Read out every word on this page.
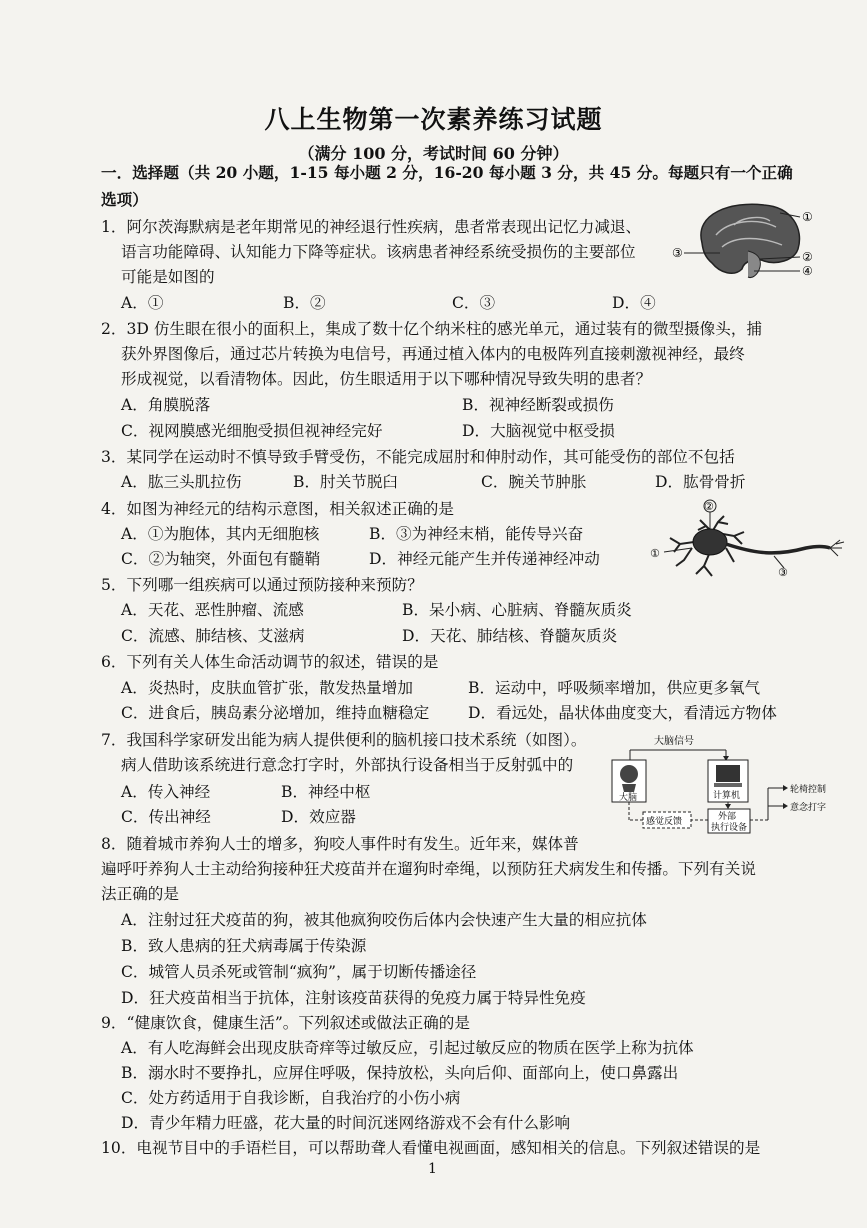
八上生物第一次素养练习试题
（满分 100 分，考试时间 60 分钟）
一．选择题（共 20 小题，1-15 每小题 2 分，16-20 每小题 3 分，共 45 分。每题只有一个正确
选项）
1．阿尔茨海默病是老年期常见的神经退行性疾病，患者常表现出记忆力减退、
语言功能障碍、认知能力下降等症状。该病患者神经系统受损伤的主要部位
可能是如图的
A．①	B．②	C．③	D．④
①
②
③
④
2．3D 仿生眼在很小的面积上，集成了数十亿个纳米柱的感光单元，通过装有的微型摄像头，捕
获外界图像后，通过芯片转换为电信号，再通过植入体内的电极阵列直接刺激视神经，最终
形成视觉，以看清物体。因此，仿生眼适用于以下哪种情况导致失明的患者？
A．角膜脱落	B．视神经断裂或损伤
C．视网膜感光细胞受损但视神经完好	D．大脑视觉中枢受损
3．某同学在运动时不慎导致手臂受伤，不能完成屈肘和伸肘动作，其可能受伤的部位不包括
A．肱三头肌拉伤	B．肘关节脱臼	C．腕关节肿胀	D．肱骨骨折
4．如图为神经元的结构示意图，相关叙述正确的是
A．①为胞体，其内无细胞核	B．③为神经末梢，能传导兴奋
C．②为轴突，外面包有髓鞘	D．神经元能产生并传递神经冲动
②
①
③
5．下列哪一组疾病可以通过预防接种来预防？
A．天花、恶性肿瘤、流感	B．呆小病、心脏病、脊髓灰质炎
C．流感、肺结核、艾滋病	D．天花、肺结核、脊髓灰质炎
6．下列有关人体生命活动调节的叙述，错误的是
A．炎热时，皮肤血管扩张，散发热量增加	B．运动中，呼吸频率增加，供应更多氧气
C．进食后，胰岛素分泌增加，维持血糖稳定 D．看远处，晶状体曲度变大，看清远方物体
7．我国科学家研发出能为病人提供便利的脑机接口技术系统（如图）。
病人借助该系统进行意念打字时，外部执行设备相当于反射弧中的
A．传入神经	B．神经中枢
C．传出神经	D．效应器
大脑信号
大脑	计算机
外部
执行设备
感觉反馈
轮椅控制
意念打字
8．随着城市养狗人士的增多，狗咬人事件时有发生。近年来，媒体普
遍呼吁养狗人士主动给狗接种狂犬疫苗并在遛狗时牵绳，以预防狂犬病发生和传播。下列有关说
法正确的是
A．注射过狂犬疫苗的狗，被其他疯狗咬伤后体内会快速产生大量的相应抗体
B．致人患病的狂犬病毒属于传染源
C．城管人员杀死或管制“疯狗”，属于切断传播途径
D．狂犬疫苗相当于抗体，注射该疫苗获得的免疫力属于特异性免疫
9．“健康饮食，健康生活”。下列叙述或做法正确的是
A．有人吃海鲜会出现皮肤奇痒等过敏反应，引起过敏反应的物质在医学上称为抗体
B．溺水时不要挣扎，应屏住呼吸，保持放松，头向后仰、面部向上，使口鼻露出
C．处方药适用于自我诊断，自我治疗的小伤小病
D．青少年精力旺盛，花大量的时间沉迷网络游戏不会有什么影响
10．电视节目中的手语栏目，可以帮助聋人看懂电视画面，感知相关的信息。下列叙述错误的是
1
